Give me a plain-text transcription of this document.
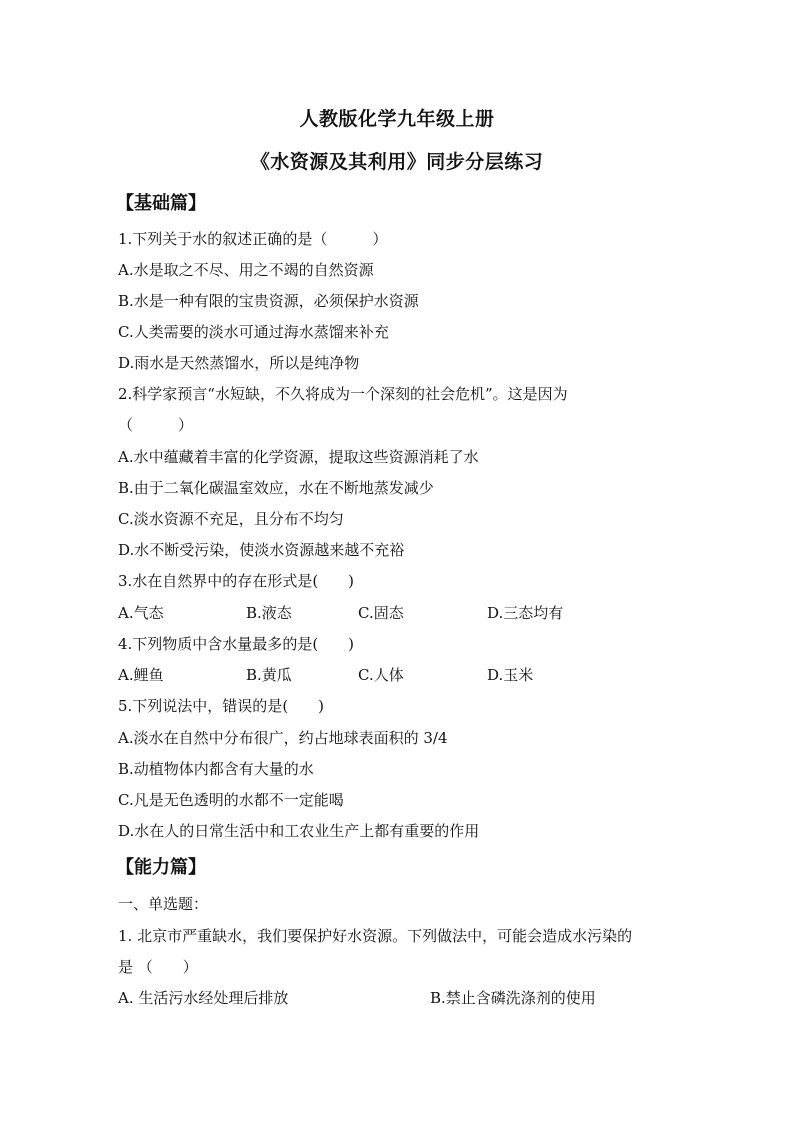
人教版化学九年级上册
《水资源及其利用》同步分层练习
【基础篇】
1.下列关于水的叙述正确的是（　　　）
A.水是取之不尽、用之不竭的自然资源
B.水是一种有限的宝贵资源，必须保护水资源
C.人类需要的淡水可通过海水蒸馏来补充
D.雨水是天然蒸馏水，所以是纯净物
2.科学家预言“水短缺，不久将成为一个深刻的社会危机”。这是因为
（　　　）
A.水中蕴藏着丰富的化学资源，提取这些资源消耗了水
B.由于二氧化碳温室效应，水在不断地蒸发减少
C.淡水资源不充足，且分布不均匀
D.水不断受污染，使淡水资源越来越不充裕
3.水在自然界中的存在形式是(　　)
A.气态	B.液态	C.固态	D.三态均有
4.下列物质中含水量最多的是(　　)
A.鲤鱼	B.黄瓜	C.人体	D.玉米
5.下列说法中，错误的是(　　)
A.淡水在自然中分布很广，约占地球表面积的 3/4
B.动植物体内都含有大量的水
C.凡是无色透明的水都不一定能喝
D.水在人的日常生活中和工农业生产上都有重要的作用
【能力篇】
一、单选题：
1. 北京市严重缺水，我们要保护好水资源。下列做法中，可能会造成水污染的
是 （　　）
A. 生活污水经处理后排放	B.禁止含磷洗涤剂的使用
